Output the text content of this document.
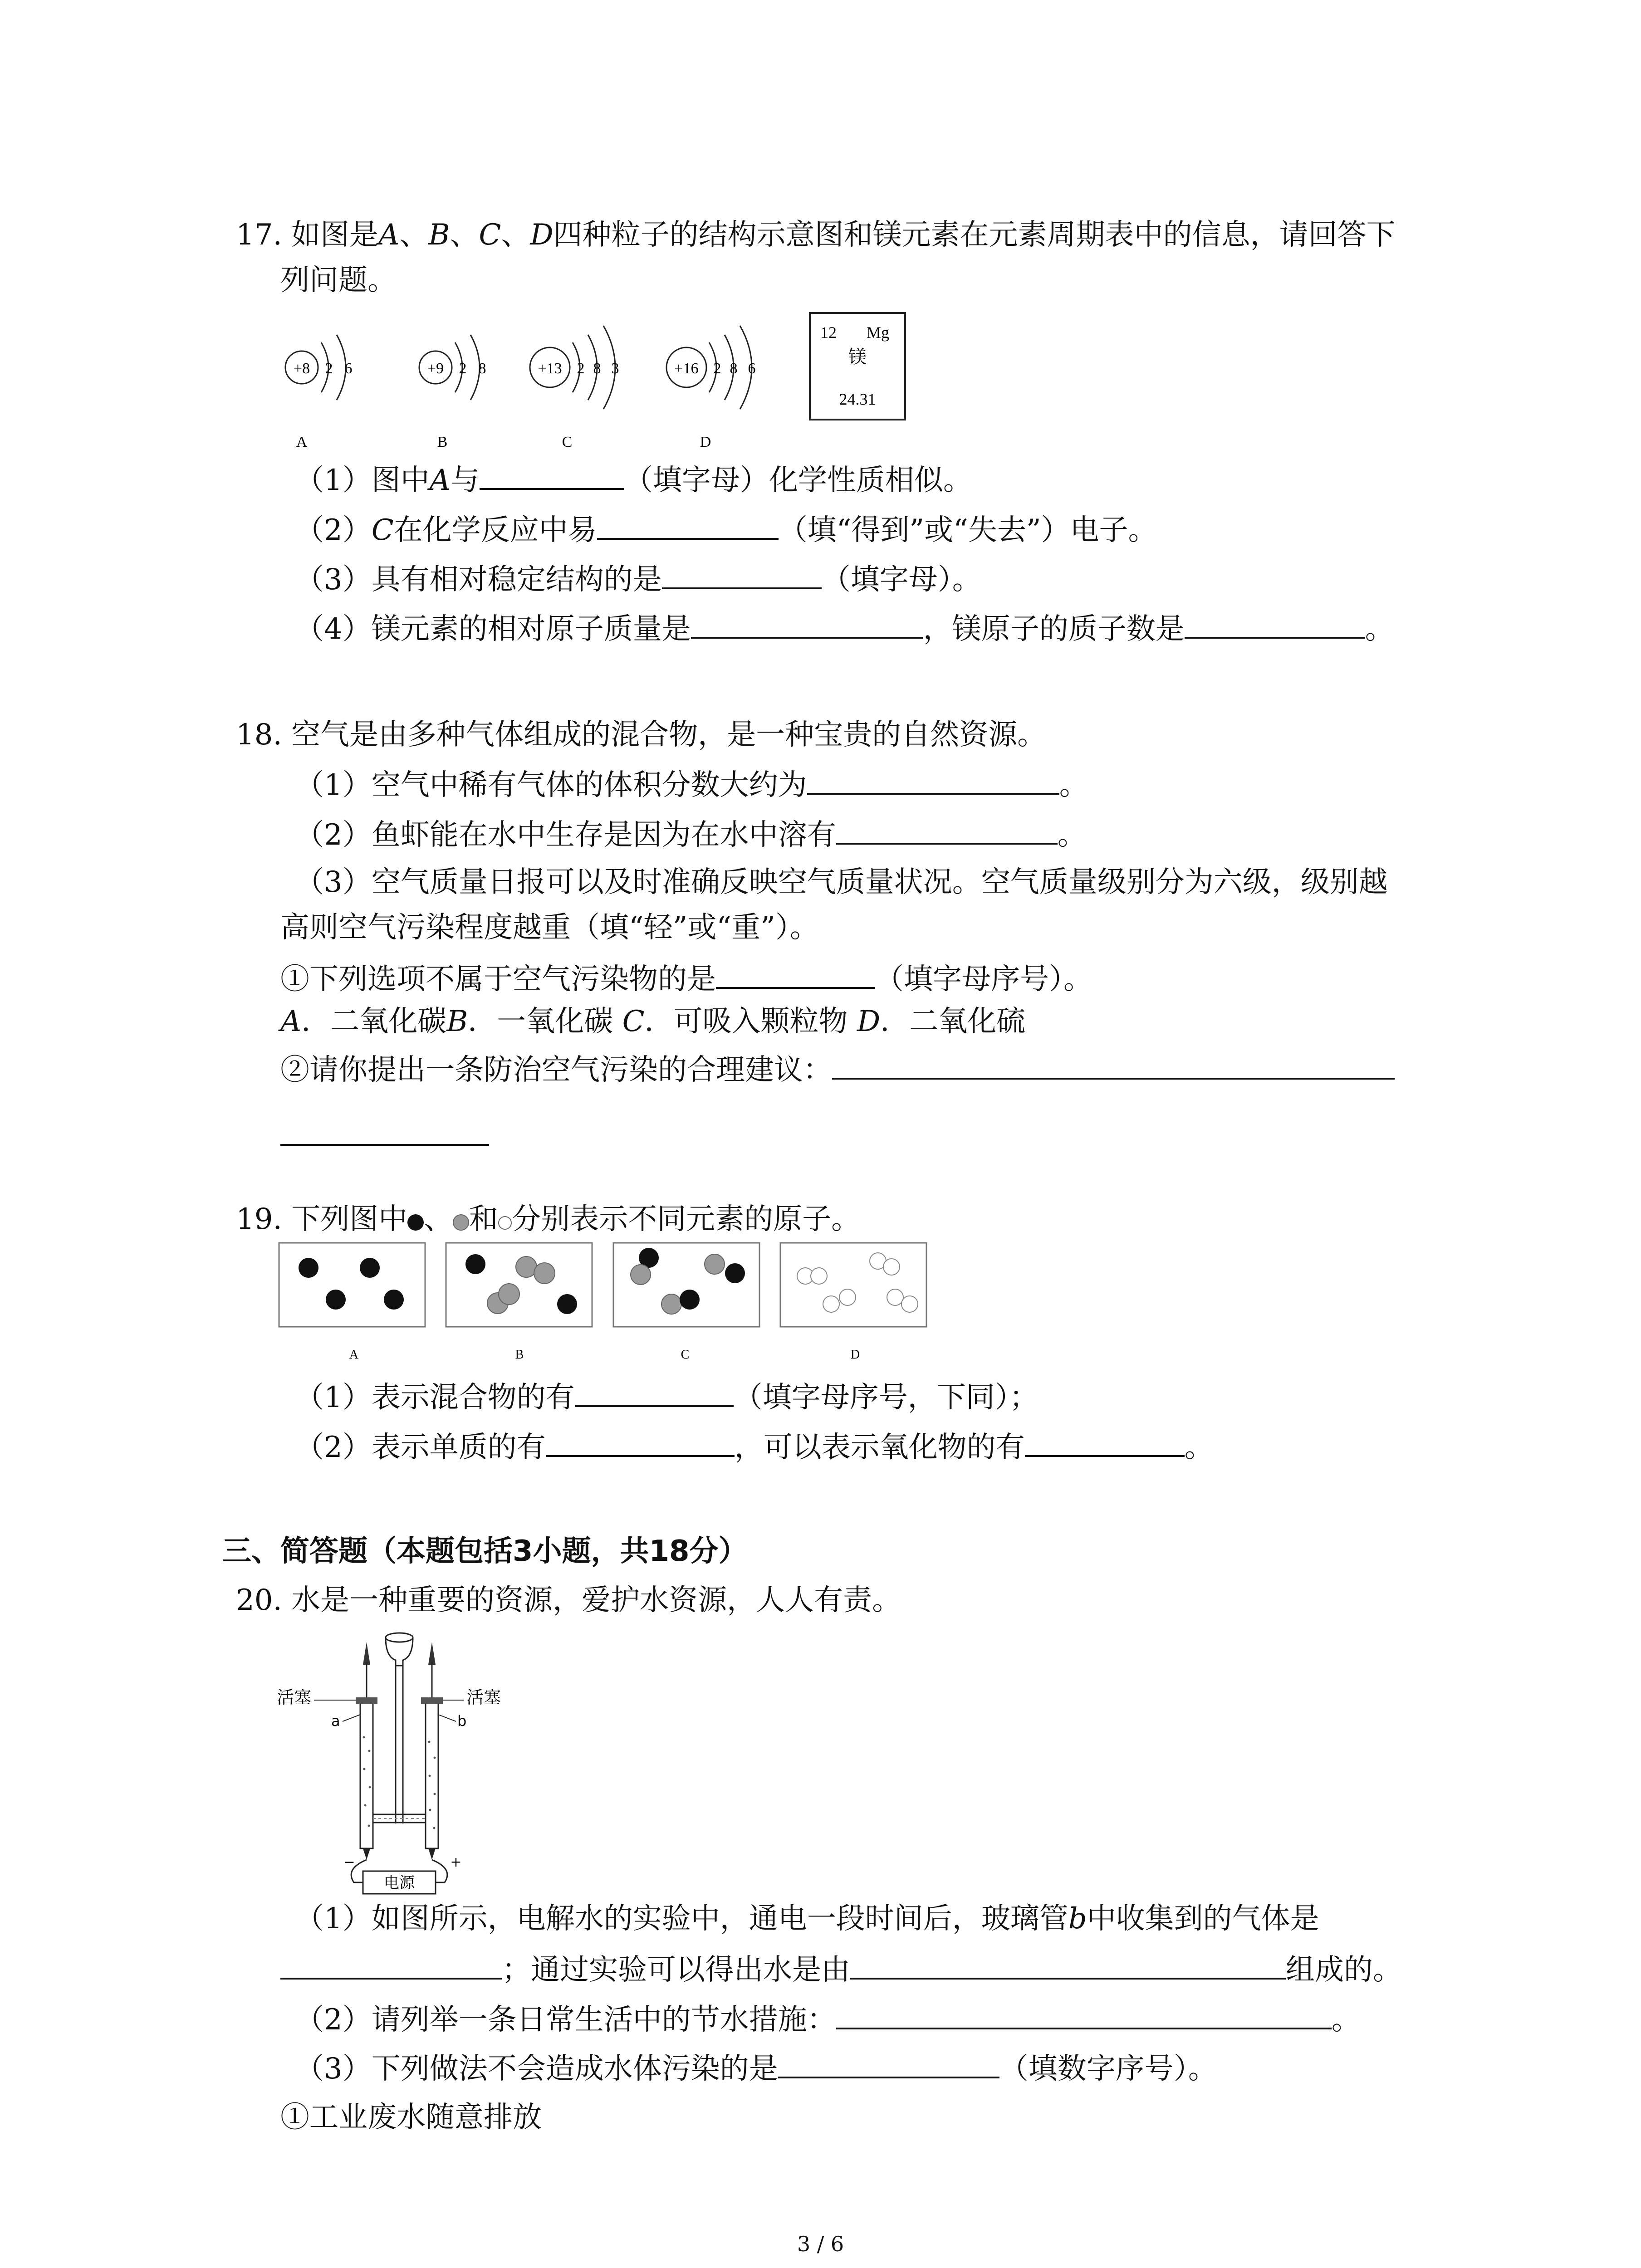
17. 如图是A、B、C、D四种粒子的结构示意图和镁元素在元素周期表中的信息，请回答下
列问题。
+8 2 6
A
+9 2 8
B
+13 2 8 3
C
+16 2 8 6
D
12 Mg
镁
24.31
（1）图中A与	（填字母）化学性质相似。
（2）C在化学反应中易	（填“得到”或“失去”）电子。
（3）具有相对稳定结构的是	（填字母）。
（4）镁元素的相对原子质量是	，镁原子的质子数是	。
18. 空气是由多种气体组成的混合物，是一种宝贵的自然资源。
（1）空气中稀有气体的体积分数大约为	。
（2）鱼虾能在水中生存是因为在水中溶有	。
（3）空气质量日报可以及时准确反映空气质量状况。空气质量级别分为六级，级别越
高则空气污染程度越重（填“轻”或“重”）。
①下列选项不属于空气污染物的是	（填字母序号）。
A．二氧化碳B．一氧化碳 C．可吸入颗粒物 D．二氧化硫
②请你提出一条防治空气污染的合理建议：
19. 下列图中 、 和 分别表示不同元素的原子。
A	B	C	D
（1）表示混合物的有	（填字母序号，下同）；
（2）表示单质的有	，可以表示氧化物的有	。
三、简答题（本题包括3小题，共18分）
20. 水是一种重要的资源，爱护水资源，人人有责。
电源
−	+
活塞	活塞
a	b
（1）如图所示，电解水的实验中，通电一段时间后，玻璃管b中收集到的气体是
；通过实验可以得出水是由	组成的。
（2）请列举一条日常生活中的节水措施：	。
（3）下列做法不会造成水体污染的是	（填数字序号）。
①工业废水随意排放
3 / 6
